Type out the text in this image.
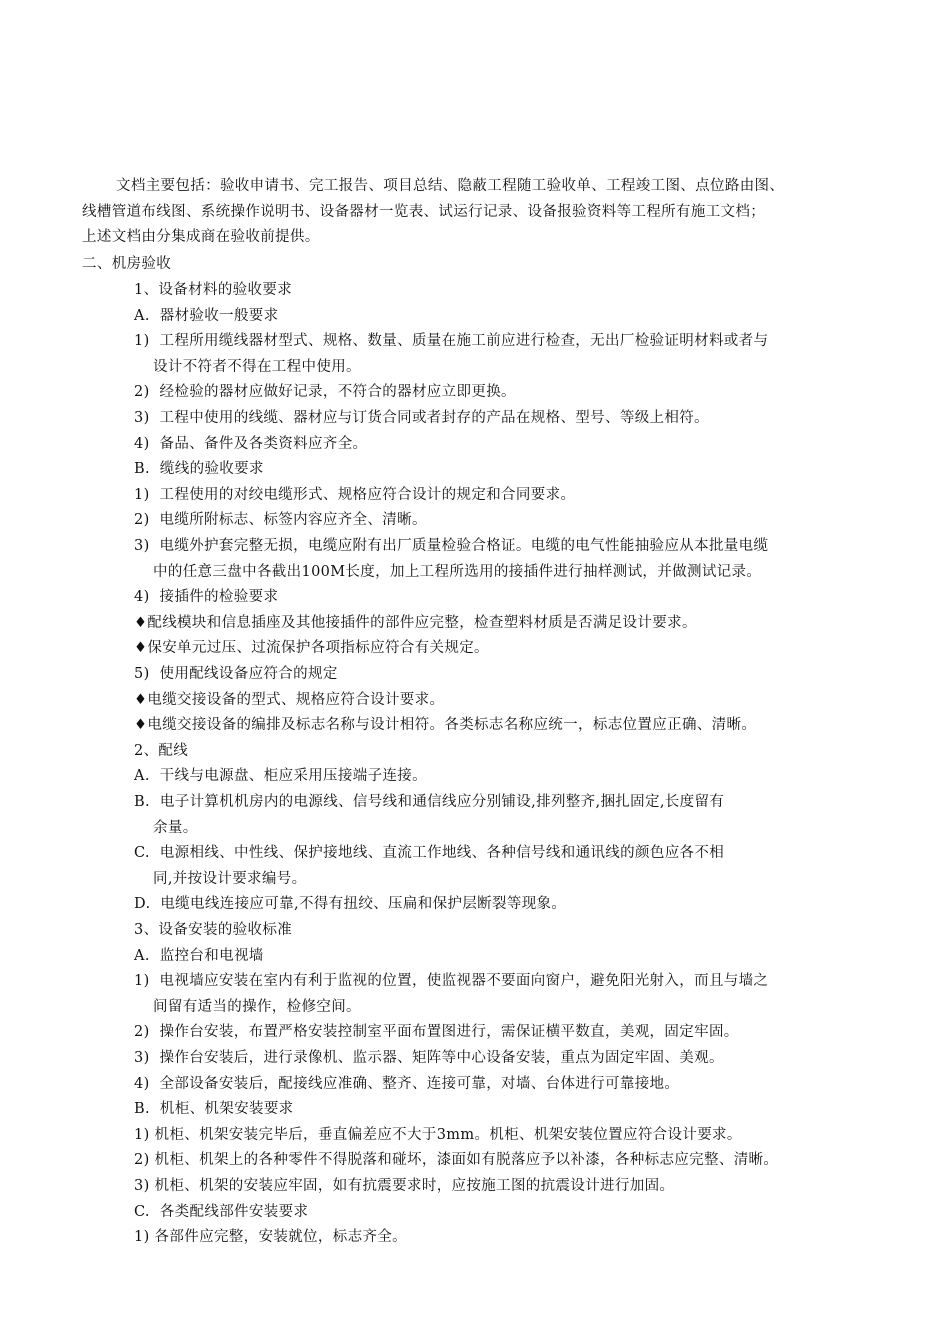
文档主要包括：验收申请书、完工报告、项目总结、隐蔽工程随工验收单、工程竣工图、点位路由图、
线槽管道布线图、系统操作说明书、设备器材一览表、试运行记录、设备报验资料等工程所有施工文档；
上述文档由分集成商在验收前提供。
二、机房验收
1、设备材料的验收要求
A.  器材验收一般要求
1)  工程所用缆线器材型式、规格、数量、质量在施工前应进行检查，无出厂检验证明材料或者与
设计不符者不得在工程中使用。
2)  经检验的器材应做好记录，不符合的器材应立即更换。
3)  工程中使用的线缆、器材应与订货合同或者封存的产品在规格、型号、等级上相符。
4)  备品、备件及各类资料应齐全。
B.  缆线的验收要求
1)  工程使用的对绞电缆形式、规格应符合设计的规定和合同要求。
2)  电缆所附标志、标签内容应齐全、清晰。
3)  电缆外护套完整无损，电缆应附有出厂质量检验合格证。电缆的电气性能抽验应从本批量电缆
中的任意三盘中各截出100M长度，加上工程所选用的接插件进行抽样测试，并做测试记录。
4)  接插件的检验要求
♦配线模块和信息插座及其他接插件的部件应完整，检查塑料材质是否满足设计要求。
♦保安单元过压、过流保护各项指标应符合有关规定。
5)  使用配线设备应符合的规定
♦电缆交接设备的型式、规格应符合设计要求。
♦电缆交接设备的编排及标志名称与设计相符。各类标志名称应统一，标志位置应正确、清晰。
2、配线
A.  干线与电源盘、柜应采用压接端子连接。
B.  电子计算机机房内的电源线、信号线和通信线应分别铺设,排列整齐,捆扎固定,长度留有
余量。
C.  电源相线、中性线、保护接地线、直流工作地线、各种信号线和通讯线的颜色应各不相
同,并按设计要求编号。
D.  电缆电线连接应可靠,不得有扭绞、压扁和保护层断裂等现象。
3、设备安装的验收标准
A.  监控台和电视墙
1)  电视墙应安装在室内有利于监视的位置，使监视器不要面向窗户，避免阳光射入，而且与墙之
间留有适当的操作，检修空间。
2)  操作台安装，布置严格安装控制室平面布置图进行，需保证横平数直，美观，固定牢固。
3)  操作台安装后，进行录像机、监示器、矩阵等中心设备安装，重点为固定牢固、美观。
4)  全部设备安装后，配接线应准确、整齐、连接可靠，对墙、台体进行可靠接地。
B.  机柜、机架安装要求
1) 机柜、机架安装完毕后，垂直偏差应不大于3mm。机柜、机架安装位置应符合设计要求。
2) 机柜、机架上的各种零件不得脱落和碰坏，漆面如有脱落应予以补漆，各种标志应完整、清晰。
3) 机柜、机架的安装应牢固，如有抗震要求时，应按施工图的抗震设计进行加固。
C.  各类配线部件安装要求
1) 各部件应完整，安装就位，标志齐全。
